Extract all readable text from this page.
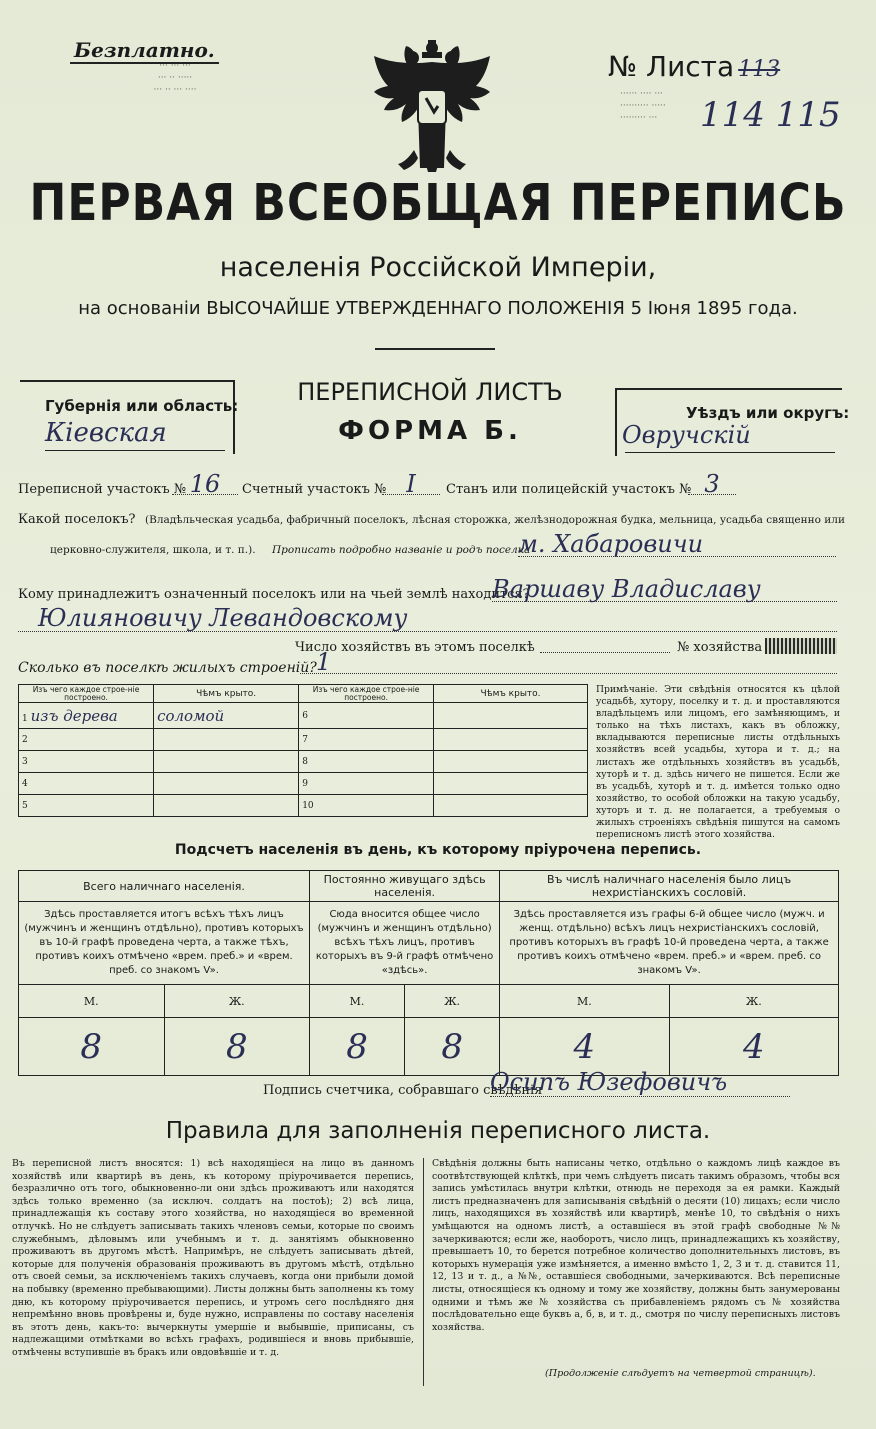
Безплатно.
··· ··· ···
··· ·· ·····
··· ·· ··· ····	······ ···· ···
·········· ·····
········· ···
№ Листа 113
114 115
ПЕРВАЯ ВСЕОБЩАЯ ПЕРЕПИСЬ
населенія Россійской Имперіи,
на основаніи ВЫСОЧАЙШЕ УТВЕРЖДЕННАГО ПОЛОЖЕНІЯ 5 Іюня 1895 года.
Губернія или область:
Кіевская
ПЕРЕПИСНОЙ ЛИСТЪ
ФОРМА Б.
Уѣздъ или округъ:
Овручскій
Переписной участокъ № 16	Счетный участокъ № I	Станъ или полицейскій участокъ № 3
Какой поселокъ? (Владѣльческая усадьба, фабричный поселокъ, лѣсная сторожка, желѣзнодорожная будка, мельница, усадьба священно или
церковно-служителя, школа, и т. п.). Прописать подробно названіе и родъ поселка
м. Хабаровичи
Кому принадлежитъ означенный поселокъ или на чьей землѣ находится?
Варшаву Владиславу
Юлияновичу Левандовскому
Число хозяйствъ въ этомъ поселкѣ	№ хозяйства
Сколько въ поселкѣ жилыхъ строеній? 1
Изъ чего каждое строе-ніе построено.	Чѣмъ крыто.	Изъ чего каждое строе-ніе построено.	Чѣмъ крыто.
1 изъ дерева	соломой	6	
2		7	
3		8	
4		9	
5		10	
Примѣчаніе. Эти свѣдѣнія относятся къ цѣлой усадьбѣ, хутору, поселку и т. д. и проставляются владѣльцемъ или лицомъ, его замѣняющимъ, и только на тѣхъ листахъ, какъ въ обложку, вкладываются переписные листы отдѣльныхъ хозяйствъ всей усадьбы, хутора и т. д.; на листахъ же отдѣльныхъ хозяйствъ въ усадьбѣ, хуторѣ и т. д. здѣсь ничего не пишется. Если же въ усадьбѣ, хуторѣ и т. д. имѣется только одно хозяйство, то особой обложки на такую усадьбу, хуторъ и т. д. не полагается, а требуемыя о жилыхъ строеніяхъ свѣдѣнія пишутся на самомъ переписномъ листѣ этого хозяйства.
Подсчетъ населенія въ день, къ которому пріурочена перепись.
Всего наличнаго населенія.		Постоянно живущаго здѣсь населенія.		Въ числѣ наличнаго населенія было лицъ нехристіанскихъ сословій.	
Здѣсь проставляется итогъ всѣхъ тѣхъ лицъ (мужчинъ и женщинъ отдѣльно), противъ которыхъ въ 10-й графѣ проведена черта, а также тѣхъ, противъ коихъ отмѣчено «врем. преб.» и «врем. преб. со знакомъ V».		Сюда вносится общее число (мужчинъ и женщинъ отдѣльно) всѣхъ тѣхъ лицъ, противъ которыхъ въ 9-й графѣ отмѣчено «здѣсь».		Здѣсь проставляется изъ графы 6-й общее число (мужч. и женщ. отдѣльно) всѣхъ лицъ нехристіанскихъ сословій, противъ которыхъ въ графѣ 10-й проведена черта, а также противъ коихъ отмѣчено «врем. преб.» и «врем. преб. со знакомъ V».	
М.	Ж.	М.	Ж.	М.	Ж.
8	8	8	8	4	4
Подпись счетчика, собравшаго свѣдѣнія
Осипъ Юзефовичъ
Правила для заполненія переписного листа.
Въ переписной листъ вносятся: 1) всѣ находящіеся на лицо въ данномъ хозяйствѣ или квартирѣ въ день, къ которому пріурочивается перепись, безразлично отъ того, обыкновенно-ли они здѣсь проживаютъ или находятся здѣсь только временно (за исключ. солдатъ на постоѣ); 2) всѣ лица, принадлежащія къ составу этого хозяйства, но находящіеся во временной отлучкѣ. Но не слѣдуетъ записывать такихъ членовъ семьи, которые по своимъ служебнымъ, дѣловымъ или учебнымъ и т. д. занятіямъ обыкновенно проживаютъ въ другомъ мѣстѣ. Напримѣръ, не слѣдуетъ записывать дѣтей, которые для полученія образованія проживаютъ въ другомъ мѣстѣ, отдѣльно отъ своей семьи, за исключеніемъ такихъ случаевъ, когда они прибыли домой на побывку (временно пребывающими). Листы должны быть заполнены къ тому дню, къ которому пріурочивается перепись, и утромъ сего послѣдняго дня непремѣнно вновь провѣрены и, буде нужно, исправлены по составу населенія въ этотъ день, какъ-то: вычеркнуты умершіе и выбывшіе, приписаны, съ надлежащими отмѣтками во всѣхъ графахъ, родившіеся и вновь прибывшіе, отмѣчены вступившіе въ бракъ или овдовѣвшіе и т. д.
Свѣдѣнія должны быть написаны четко, отдѣльно о каждомъ лицѣ каждое въ соотвѣтствующей клѣткѣ, при чемъ слѣдуетъ писать такимъ образомъ, чтобы вся запись умѣстилась внутри клѣтки, отнюдь не переходя за ея рамки. Каждый листъ предназначенъ для записыванія свѣдѣній о десяти (10) лицахъ; если число лицъ, находящихся въ хозяйствѣ или квартирѣ, менѣе 10, то свѣдѣнія о нихъ умѣщаются на одномъ листѣ, а оставшіеся въ этой графѣ свободные №№ зачеркиваются; если же, наоборотъ, число лицъ, принадлежащихъ къ хозяйству, превышаетъ 10, то берется потребное количество дополнительныхъ листовъ, въ которыхъ нумерація уже измѣняется, а именно вмѣсто 1, 2, 3 и т. д. ставится 11, 12, 13 и т. д., а №№, оставшіеся свободными, зачеркиваются. Всѣ переписные листы, относящіеся къ одному и тому же хозяйству, должны быть занумерованы одними и тѣмъ же № хозяйства съ прибавленіемъ рядомъ съ № хозяйства послѣдовательно еще буквъ а, б, в, и т. д., смотря по числу переписныхъ листовъ хозяйства.
(Продолженіе слѣдуетъ на четвертой страницѣ).
